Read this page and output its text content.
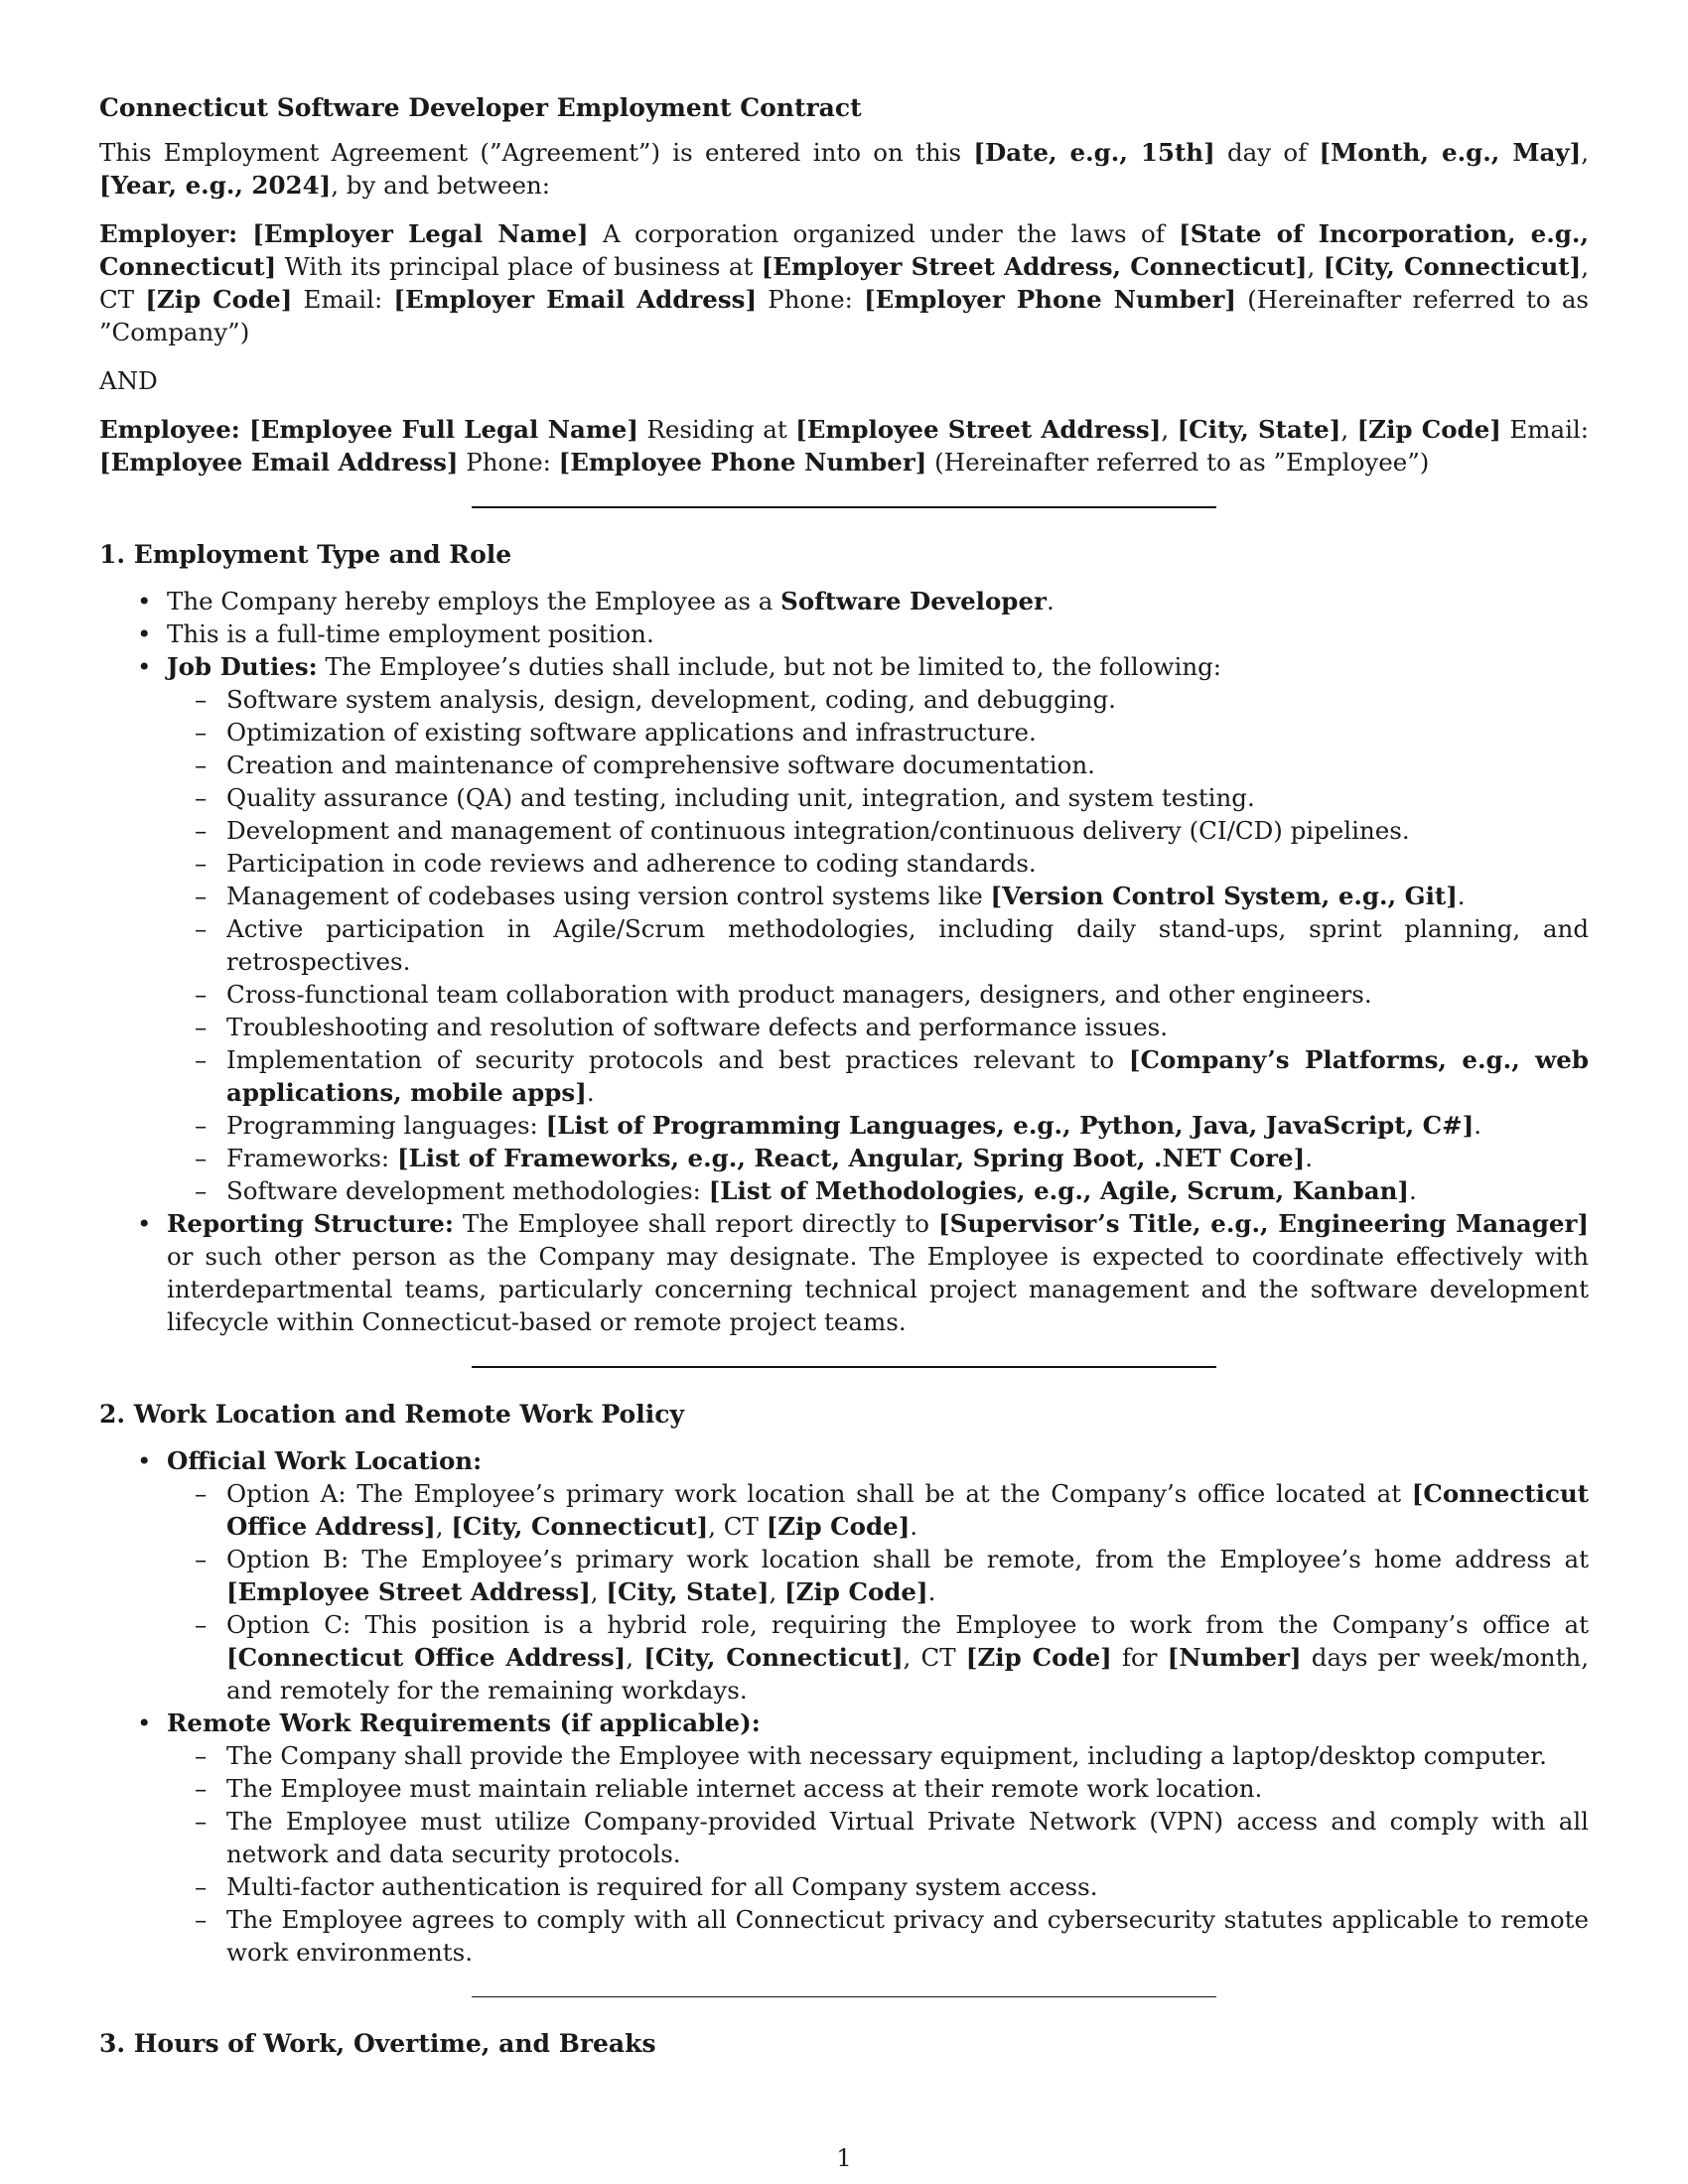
Connecticut Software Developer Employment Contract

This Employment Agreement (”Agreement”) is entered into on this [Date, e.g., 15th] day of [Month, e.g., May], [Year, e.g., 2024], by and between:

Employer: [Employer Legal Name] A corporation organized under the laws of [State of Incorporation, e.g., Connecticut] With its principal place of business at [Employer Street Address, Connecticut], [City, Connecticut], CT [Zip Code] Email: [Employer Email Address] Phone: [Employer Phone Number] (Hereinafter referred to as ”Company”)

AND

Employee: [Employee Full Legal Name] Residing at [Employee Street Address], [City, State], [Zip Code] Email: [Employee Email Address] Phone: [Employee Phone Number] (Hereinafter referred to as ”Employee”)

1. Employment Type and Role

• The Company hereby employs the Employee as a Software Developer.
• This is a full-time employment position.
• Job Duties: The Employee’s duties shall include, but not be limited to, the following:
– Software system analysis, design, development, coding, and debugging.
– Optimization of existing software applications and infrastructure.
– Creation and maintenance of comprehensive software documentation.
– Quality assurance (QA) and testing, including unit, integration, and system testing.
– Development and management of continuous integration/continuous delivery (CI/CD) pipelines.
– Participation in code reviews and adherence to coding standards.
– Management of codebases using version control systems like [Version Control System, e.g., Git].
– Active participation in Agile/Scrum methodologies, including daily stand-ups, sprint planning, and retrospectives.
– Cross-functional team collaboration with product managers, designers, and other engineers.
– Troubleshooting and resolution of software defects and performance issues.
– Implementation of security protocols and best practices relevant to [Company’s Platforms, e.g., web applications, mobile apps].
– Programming languages: [List of Programming Languages, e.g., Python, Java, JavaScript, C#].
– Frameworks: [List of Frameworks, e.g., React, Angular, Spring Boot, .NET Core].
– Software development methodologies: [List of Methodologies, e.g., Agile, Scrum, Kanban].
• Reporting Structure: The Employee shall report directly to [Supervisor’s Title, e.g., Engineering Manager] or such other person as the Company may designate. The Employee is expected to coordinate effectively with interdepartmental teams, particularly concerning technical project management and the software development lifecycle within Connecticut-based or remote project teams.

2. Work Location and Remote Work Policy

• Official Work Location:
– Option A: The Employee’s primary work location shall be at the Company’s office located at [Connecticut Office Address], [City, Connecticut], CT [Zip Code].
– Option B: The Employee’s primary work location shall be remote, from the Employee’s home address at [Employee Street Address], [City, State], [Zip Code].
– Option C: This position is a hybrid role, requiring the Employee to work from the Company’s office at [Connecticut Office Address], [City, Connecticut], CT [Zip Code] for [Number] days per week/month, and remotely for the remaining workdays.
• Remote Work Requirements (if applicable):
– The Company shall provide the Employee with necessary equipment, including a laptop/desktop computer.
– The Employee must maintain reliable internet access at their remote work location.
– The Employee must utilize Company-provided Virtual Private Network (VPN) access and comply with all network and data security protocols.
– Multi-factor authentication is required for all Company system access.
– The Employee agrees to comply with all Connecticut privacy and cybersecurity statutes applicable to remote work environments.

3. Hours of Work, Overtime, and Breaks

1
